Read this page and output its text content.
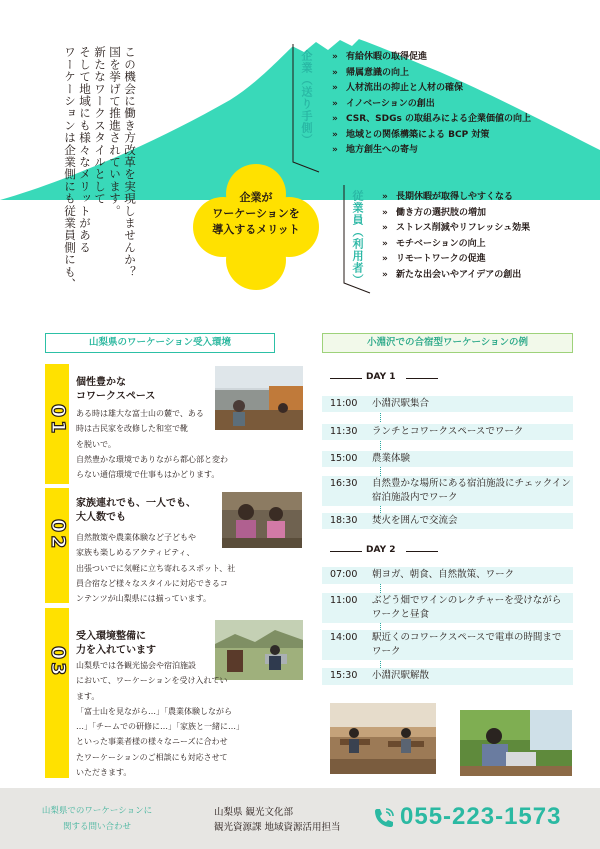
この機会に働き方改革を実現しませんか？
国を挙げて推進されています。
新たなワークスタイルとして
そして地域にも様々なメリットがある
ワーケーションは企業側にも従業員側にも、	企業が
ワーケーションを
導入するメリット
企業（送り手側） » 有給休暇の取得促進
» 帰属意識の向上
» 人材流出の抑止と人材の確保
» イノベーションの創出
» CSR、SDGs の取組みによる企業価値の向上
» 地域との関係構築による BCP 対策
» 地方創生への寄与
従業員（利用者） » 長期休暇が取得しやすくなる
» 働き方の選択肢の増加
» ストレス削減やリフレッシュ効果
» モチベーションの向上
» リモートワークの促進
» 新たな出会いやアイデアの創出
山梨県のワーケーション受入環境	小淵沢での合宿型ワーケーションの例
01
個性豊かな
コワークスペース
ある時は雄大な富士山の麓で、ある
時は古民家を改修した和室で靴
を脱いで。
自然豊かな環境でありながら都心部と変わ
らない通信環境で仕事もはかどります。
02
家族連れでも、一人でも、
大人数でも
自然散策や農業体験など子どもや
家族も楽しめるアクティビティ、
出張ついでに気軽に立ち寄れるスポット、社
員合宿など様々なスタイルに対応できるコ
ンテンツが山梨県には揃っています。
03
受入環境整備に
力を入れています
山梨県では各観光協会や宿泊施設
において、ワーケーションを受け入れてい
ます。
「富士山を見ながら…」「農業体験しながら
…」「チームでの研修に…」「家族と一緒に…」
といった事業者様の様々なニーズに合わせ
たワーケーションのご相談にも対応させて
いただきます。
DAY 1
11:00	小淵沢駅集合
11:30	ランチとコワークスペースでワーク
15:00	農業体験
16:30	自然豊かな場所にある宿泊施設にチェックイン
宿泊施設内でワーク
18:30	焚火を囲んで交流会
DAY 2
07:00	朝ヨガ、朝食、自然散策、ワーク
11:00	ぶどう畑でワインのレクチャーを受けながら
ワークと昼食
14:00	駅近くのコワークスペースで電車の時間まで
ワーク
15:30	小淵沢駅解散
山梨県でのワーケーションに
関する問い合わせ
山梨県 観光文化部
観光資源課 地域資源活用担当 055-223-1573
